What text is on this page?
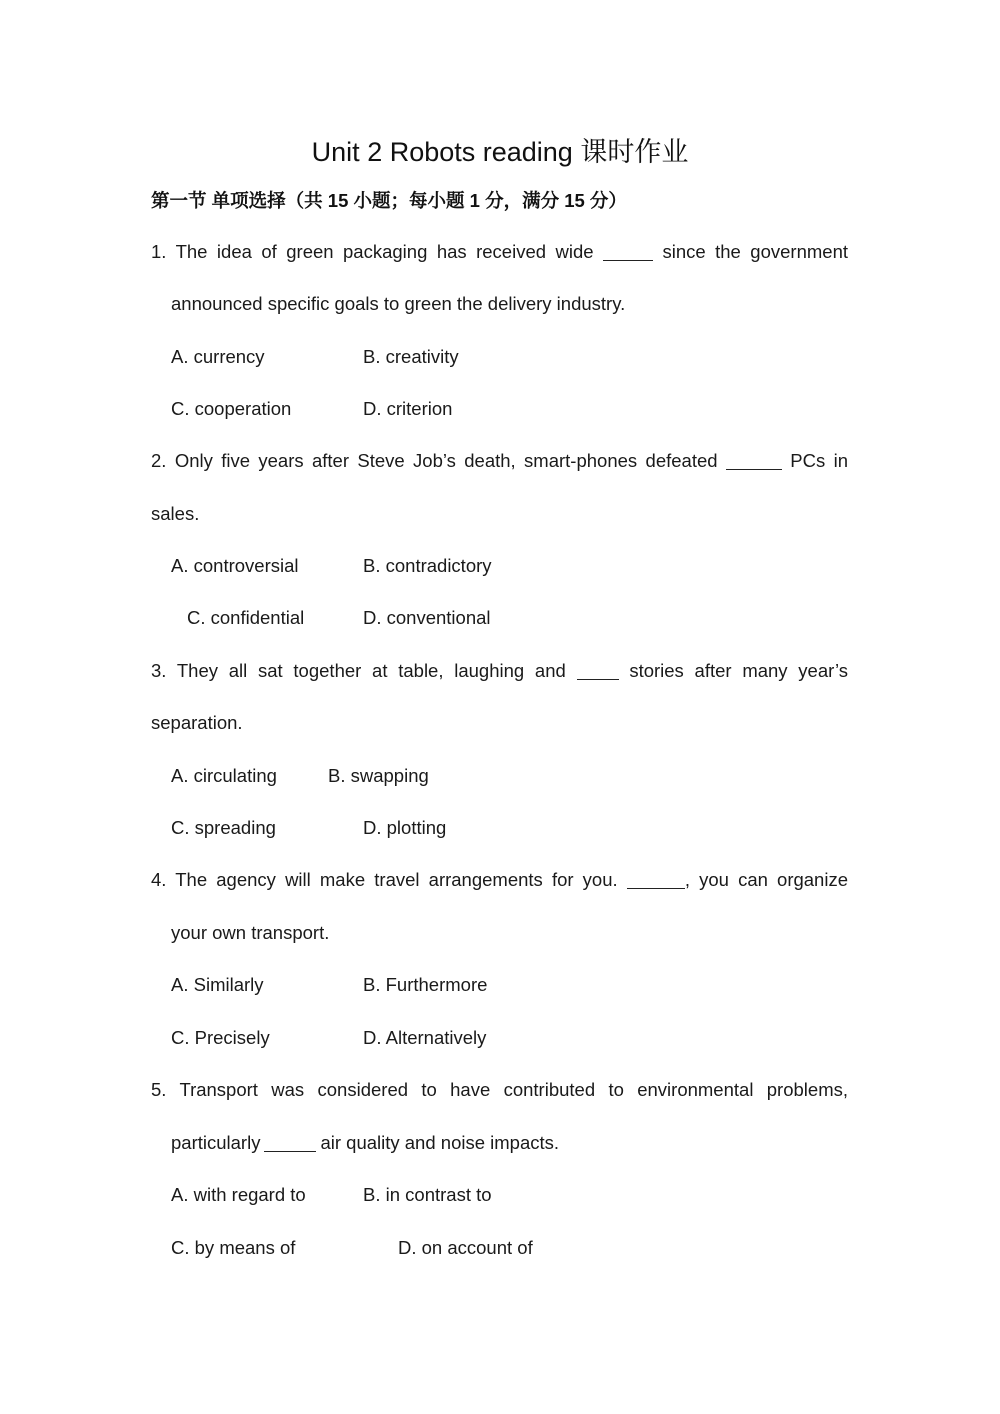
Unit 2 Robots reading 课时作业
第一节 单项选择（共 15 小题；每小题 1 分，满分 15 分）
1. The idea of green packaging has received wide	since the government
announced specific goals to green the delivery industry.
A. currency	B. creativity
C. cooperation	D. criterion
2. Only five years after Steve Job’s death, smart-phones defeated	PCs in
sales.
A. controversial	B. contradictory
C. confidential	D. conventional
3. They all sat together at table, laughing and	stories after many year’s
separation.
A. circulating	B. swapping
C. spreading	D. plotting
4. The agency will make travel arrangements for you.	, you can organize
your own transport.
A. Similarly	B. Furthermore
C. Precisely	D. Alternatively
5. Transport was considered to have contributed to environmental problems,
particularly	air quality and noise impacts.
A. with regard to	B. in contrast to
C. by means of	D. on account of
